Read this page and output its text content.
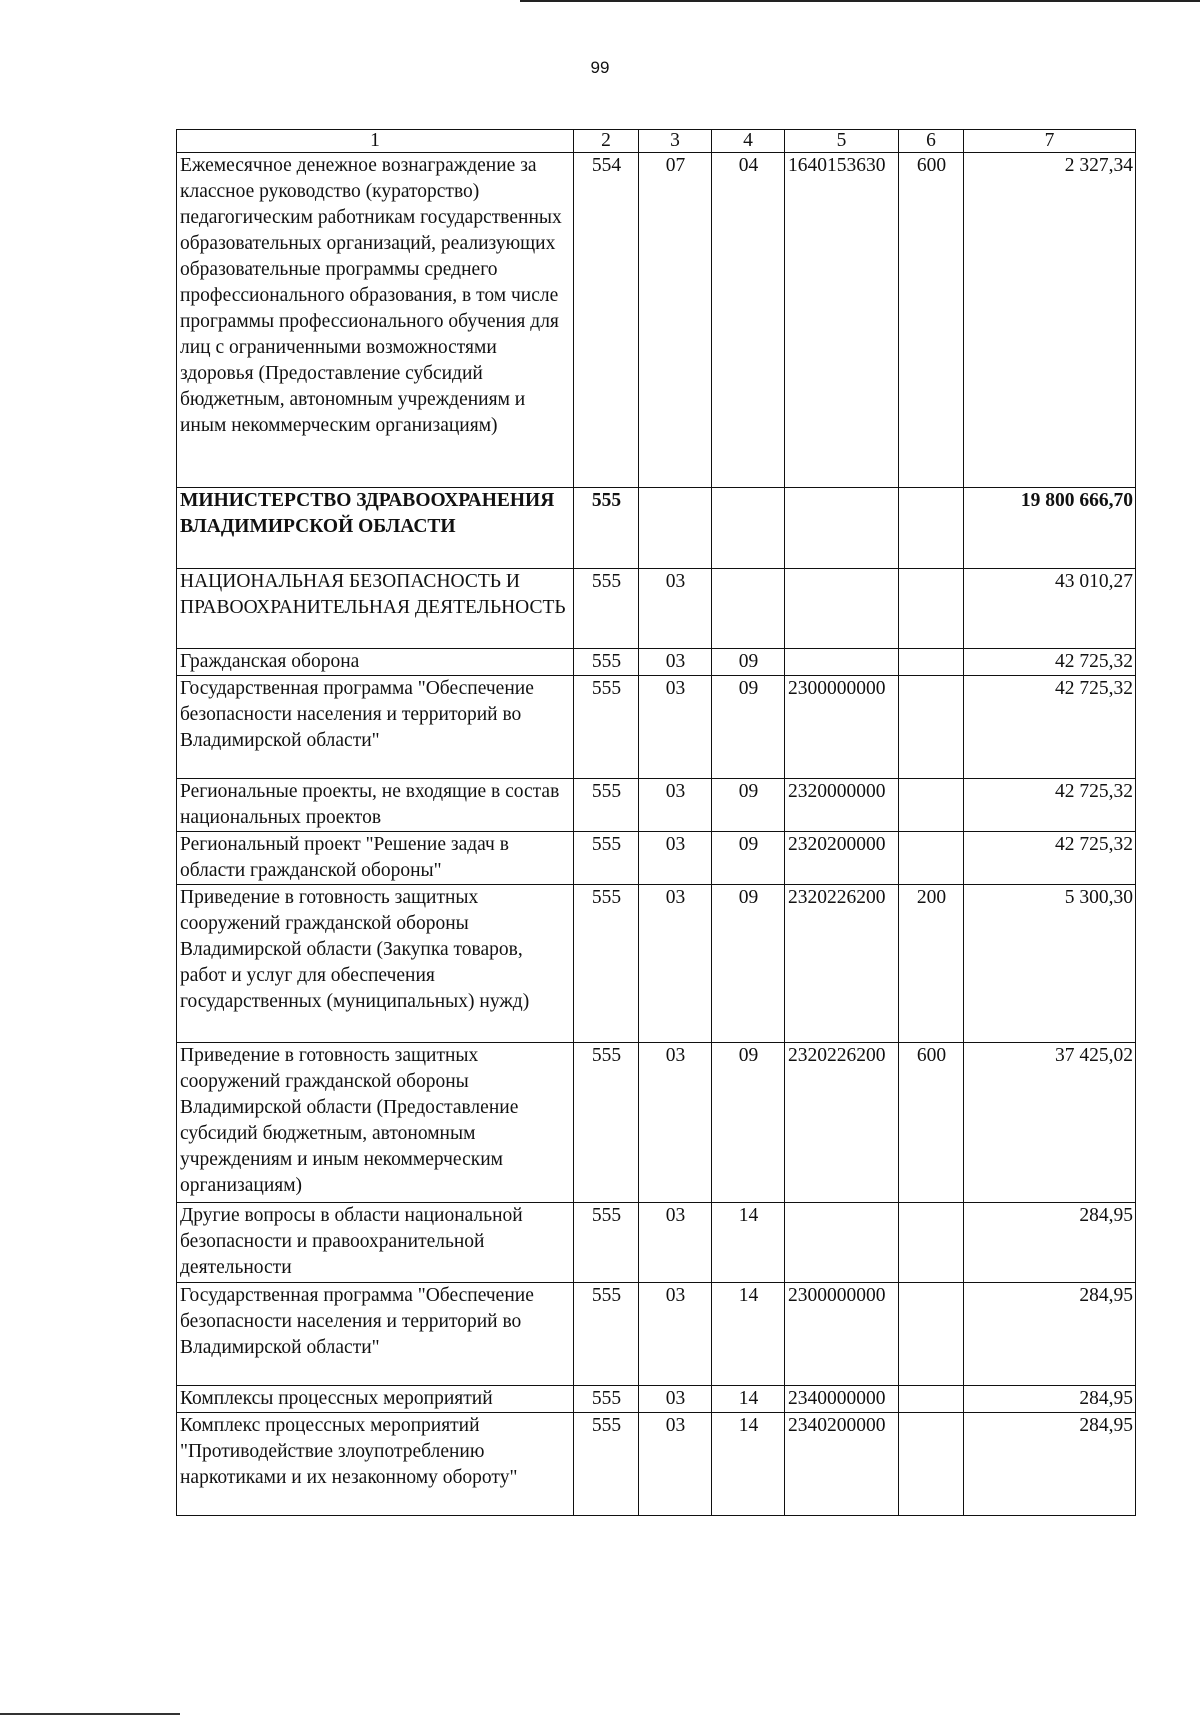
99
1	2	3	4	5	6	7
Ежемесячное денежное вознаграждение за классное руководство (кураторство) педагогическим работникам государственных образовательных организаций, реализующих образовательные программы среднего профессионального образования, в том числе программы профессионального обучения для лиц с ограниченными возможностями здоровья (Предоставление субсидий бюджетным, автономным учреждениям и иным некоммерческим организациям)	554	07	04	1640153630	600	2 327,34
МИНИСТЕРСТВО ЗДРАВООХРАНЕНИЯ ВЛАДИМИРСКОЙ ОБЛАСТИ	555					19 800 666,70
НАЦИОНАЛЬНАЯ БЕЗОПАСНОСТЬ И ПРАВООХРАНИТЕЛЬНАЯ ДЕЯТЕЛЬНОСТЬ	555	03				43 010,27
Гражданская оборона	555	03	09			42 725,32
Государственная программа "Обеспечение безопасности населения и территорий во Владимирской области"	555	03	09	2300000000		42 725,32
Региональные проекты, не входящие в состав национальных проектов	555	03	09	2320000000		42 725,32
Региональный проект "Решение задач в области гражданской обороны"	555	03	09	2320200000		42 725,32
Приведение в готовность защитных сооружений гражданской обороны Владимирской области (Закупка товаров, работ и услуг для обеспечения государственных (муниципальных) нужд)	555	03	09	2320226200	200	5 300,30
Приведение в готовность защитных сооружений гражданской обороны Владимирской области (Предоставление субсидий бюджетным, автономным учреждениям и иным некоммерческим организациям)	555	03	09	2320226200	600	37 425,02
Другие вопросы в области национальной безопасности и правоохранительной деятельности	555	03	14			284,95
Государственная программа "Обеспечение безопасности населения и территорий во Владимирской области"	555	03	14	2300000000		284,95
Комплексы процессных мероприятий	555	03	14	2340000000		284,95
Комплекс процессных мероприятий "Противодействие злоупотреблению наркотиками и их незаконному обороту"	555	03	14	2340200000		284,95
